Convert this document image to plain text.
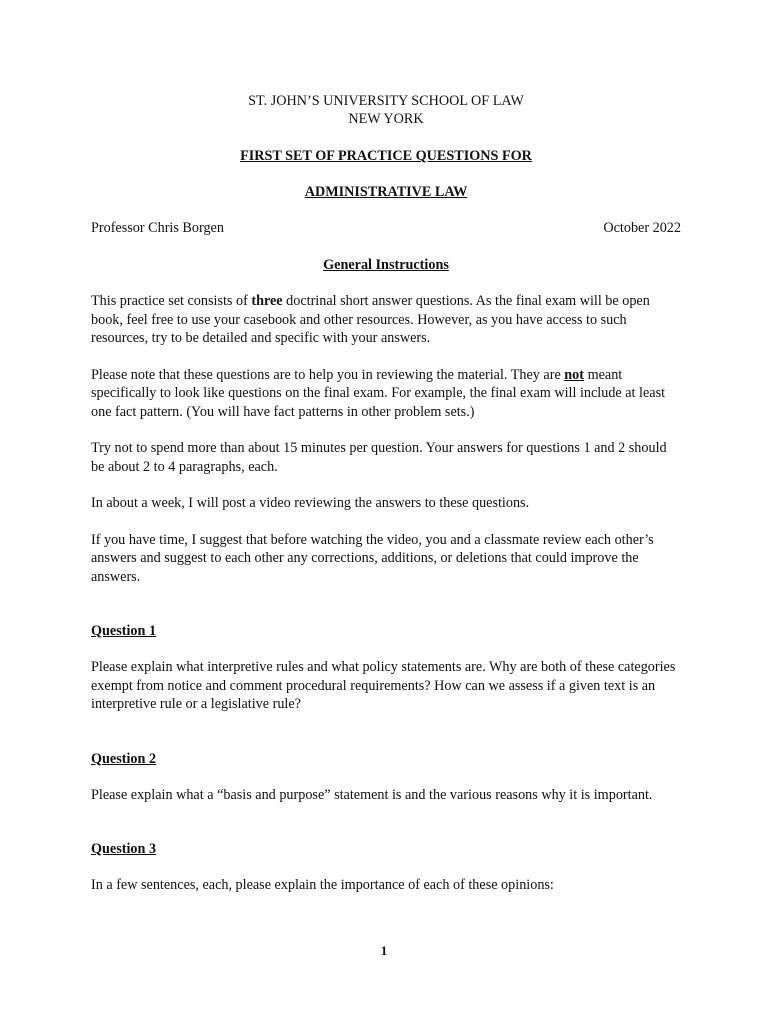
ST. JOHN’S UNIVERSITY SCHOOL OF LAW
NEW YORK
FIRST SET OF PRACTICE QUESTIONS FOR
ADMINISTRATIVE LAW
Professor Chris Borgen	October 2022
General Instructions

This practice set consists of three doctrinal short answer questions. As the final exam will be open book, feel free to use your casebook and other resources. However, as you have access to such resources, try to be detailed and specific with your answers.

Please note that these questions are to help you in reviewing the material. They are not meant specifically to look like questions on the final exam. For example, the final exam will include at least one fact pattern. (You will have fact patterns in other problem sets.)

Try not to spend more than about 15 minutes per question. Your answers for questions 1 and 2 should be about 2 to 4 paragraphs, each.

In about a week, I will post a video reviewing the answers to these questions.

If you have time, I suggest that before watching the video, you and a classmate review each other’s answers and suggest to each other any corrections, additions, or deletions that could improve the answers.

Question 1

Please explain what interpretive rules and what policy statements are. Why are both of these categories exempt from notice and comment procedural requirements? How can we assess if a given text is an interpretive rule or a legislative rule?

Question 2

Please explain what a “basis and purpose” statement is and the various reasons why it is important.

Question 3

In a few sentences, each, please explain the importance of each of these opinions:

1
